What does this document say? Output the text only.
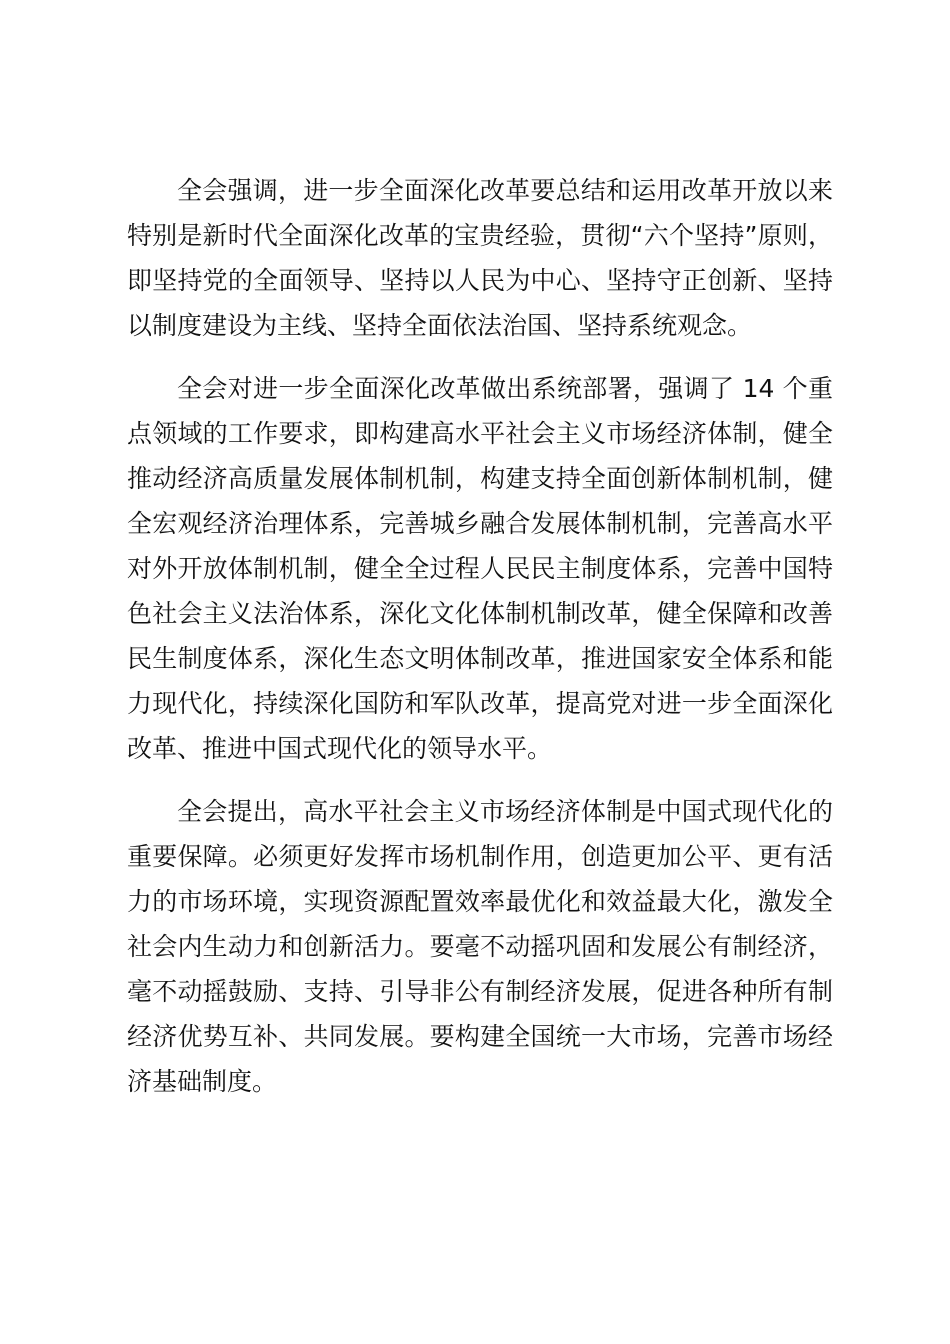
全会强调，进一步全面深化改革要总结和运用改革开放以来特别是新时代全面深化改革的宝贵经验，贯彻“六个坚持”原则，即坚持党的全面领导、坚持以人民为中心、坚持守正创新、坚持以制度建设为主线、坚持全面依法治国、坚持系统观念。

全会对进一步全面深化改革做出系统部署，强调了 14 个重点领域的工作要求，即构建高水平社会主义市场经济体制，健全推动经济高质量发展体制机制，构建支持全面创新体制机制，健全宏观经济治理体系，完善城乡融合发展体制机制，完善高水平对外开放体制机制，健全全过程人民民主制度体系，完善中国特色社会主义法治体系，深化文化体制机制改革，健全保障和改善民生制度体系，深化生态文明体制改革，推进国家安全体系和能力现代化，持续深化国防和军队改革，提高党对进一步全面深化改革、推进中国式现代化的领导水平。

全会提出，高水平社会主义市场经济体制是中国式现代化的重要保障。必须更好发挥市场机制作用，创造更加公平、更有活力的市场环境，实现资源配置效率最优化和效益最大化，激发全社会内生动力和创新活力。要毫不动摇巩固和发展公有制经济，毫不动摇鼓励、支持、引导非公有制经济发展，促进各种所有制经济优势互补、共同发展。要构建全国统一大市场，完善市场经济基础制度。
